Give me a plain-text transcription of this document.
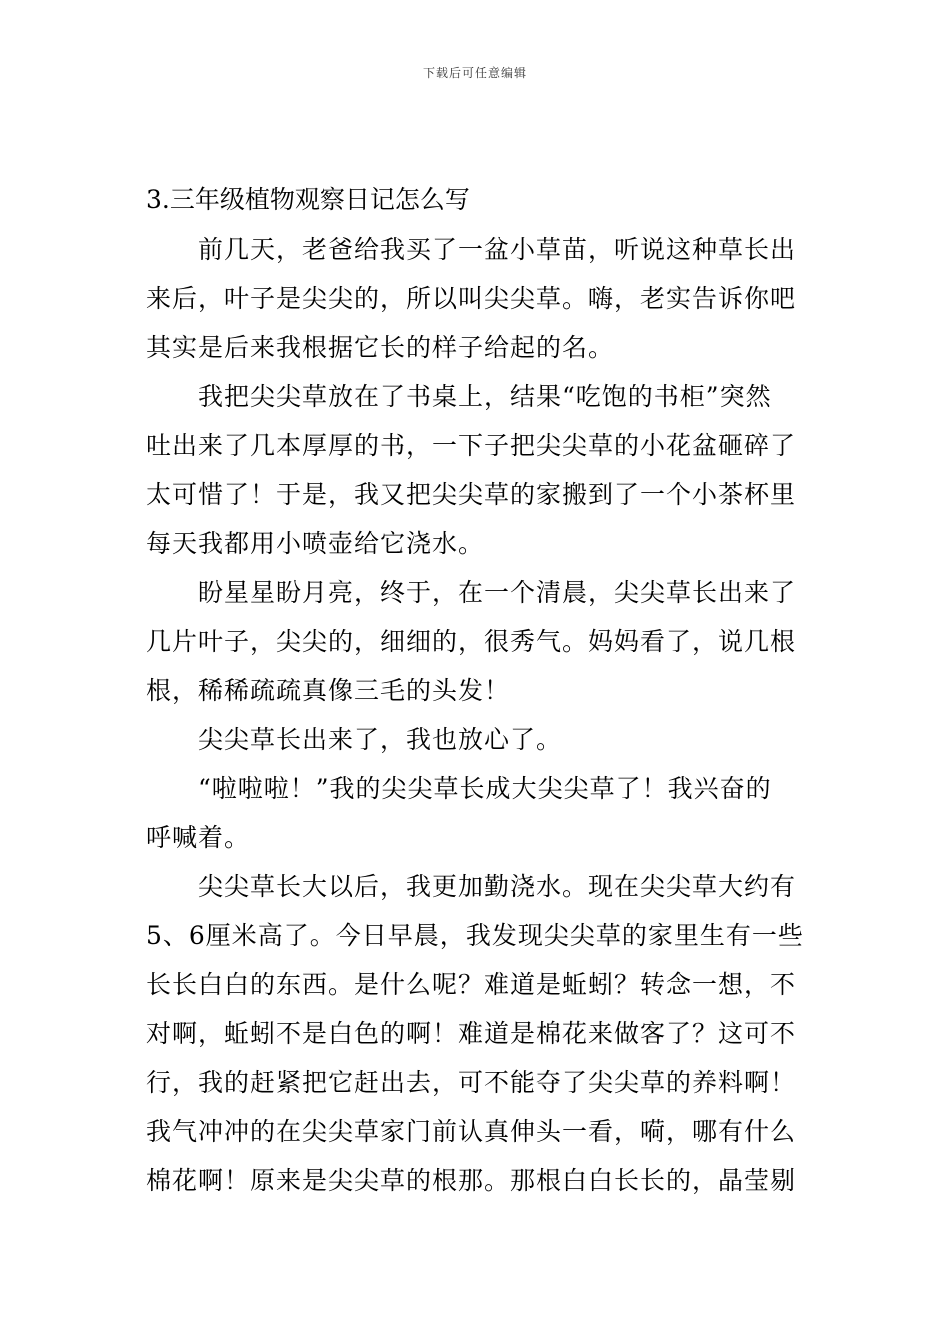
下载后可任意编辑

3.三年级植物观察日记怎么写

前几天，老爸给我买了一盆小草苗，听说这种草长出
来后，叶子是尖尖的，所以叫尖尖草。嗨，老实告诉你吧
其实是后来我根据它长的样子给起的名。

我把尖尖草放在了书桌上，结果“吃饱的书柜”突然
吐出来了几本厚厚的书，一下子把尖尖草的小花盆砸碎了
太可惜了！于是，我又把尖尖草的家搬到了一个小茶杯里
每天我都用小喷壶给它浇水。

盼星星盼月亮，终于，在一个清晨，尖尖草长出来了
几片叶子，尖尖的，细细的，很秀气。妈妈看了，说几根
根，稀稀疏疏真像三毛的头发！

尖尖草长出来了，我也放心了。

“啦啦啦！”我的尖尖草长成大尖尖草了！我兴奋的
呼喊着。

尖尖草长大以后，我更加勤浇水。现在尖尖草大约有
5、6厘米高了。今日早晨，我发现尖尖草的家里生有一些
长长白白的东西。是什么呢？难道是蚯蚓？转念一想，不
对啊，蚯蚓不是白色的啊！难道是棉花来做客了？这可不
行，我的赶紧把它赶出去，可不能夺了尖尖草的养料啊！
我气冲冲的在尖尖草家门前认真伸头一看，嗬，哪有什么
棉花啊！原来是尖尖草的根那。那根白白长长的，晶莹剔
